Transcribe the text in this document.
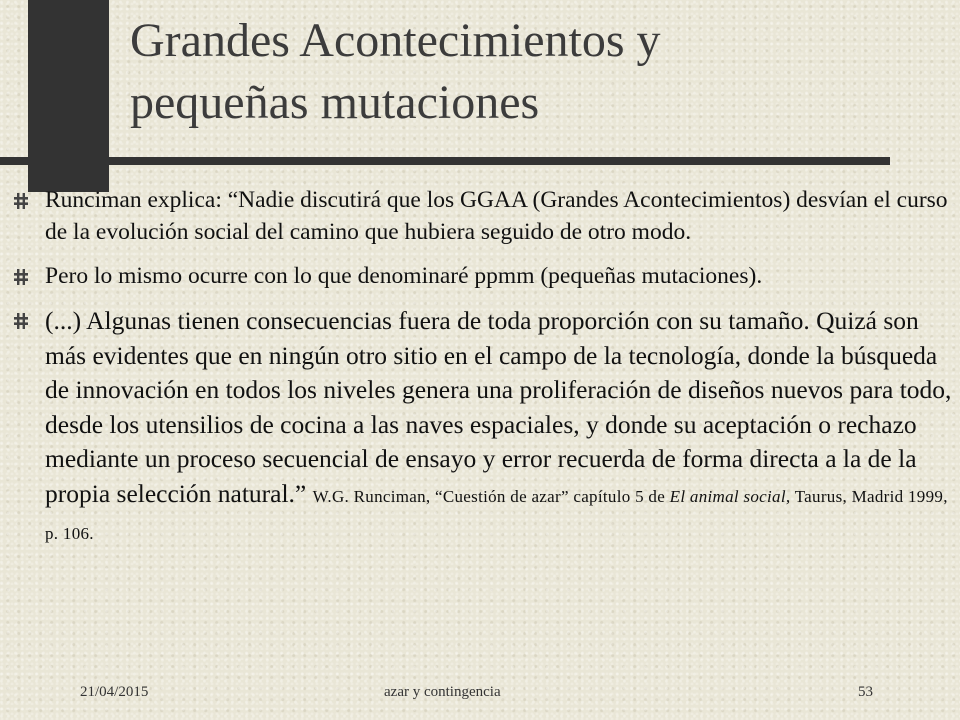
Grandes Acontecimientos y
pequeñas mutaciones
Runciman explica: “Nadie discutirá que los GGAA (Grandes Acontecimientos) desvían el curso de la evolución social del camino que hubiera seguido de otro modo.
Pero lo mismo ocurre con lo que denominaré ppmm (pequeñas mutaciones).
(...) Algunas tienen consecuencias fuera de toda proporción con su tamaño. Quizá son más evidentes que en ningún otro sitio en el campo de la tecnología, donde la búsqueda de innovación en todos los niveles genera una proliferación de diseños nuevos para todo, desde los utensilios de cocina a las naves espaciales, y donde su aceptación o rechazo mediante un proceso secuencial de ensayo y error recuerda de forma directa a la de la propia selección natural.” W.G. Runciman, “Cuestión de azar” capítulo 5 de El animal social, Taurus, Madrid 1999, p. 106.
21/04/2015	azar y contingencia	53
